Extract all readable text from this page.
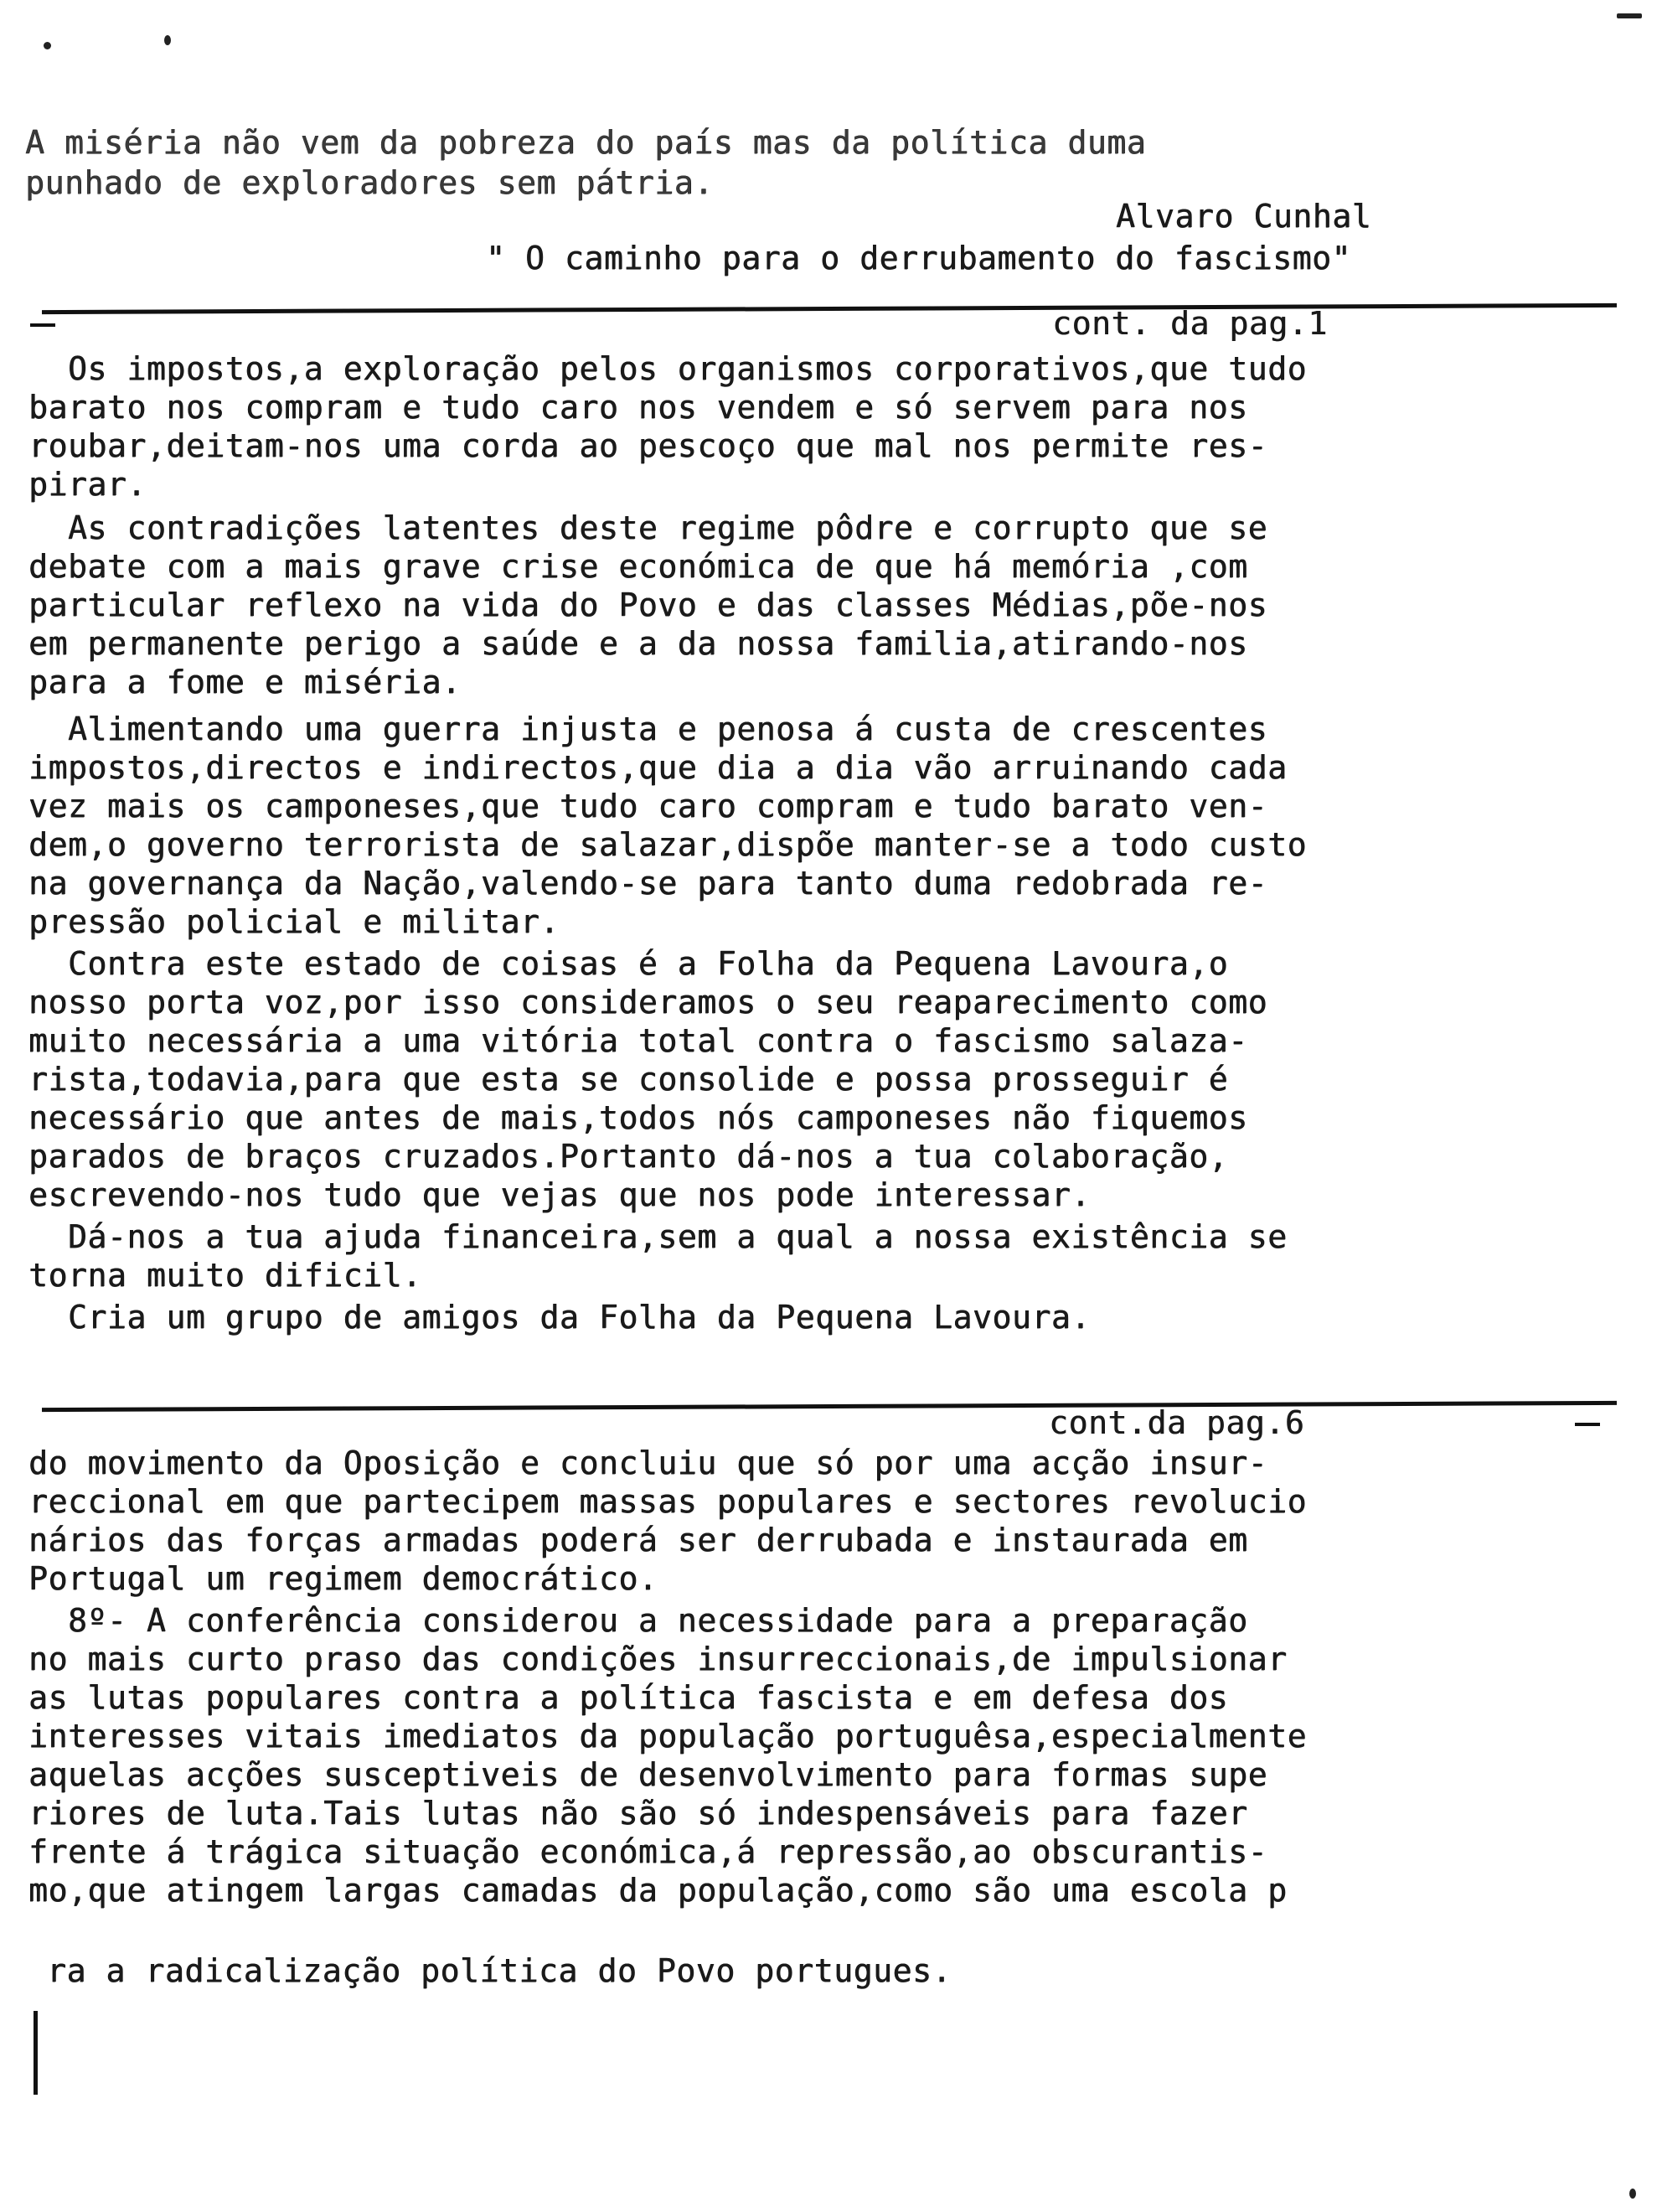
A miséria não vem da pobreza do país mas da política duma
punhado de exploradores sem pátria.
Alvaro Cunhal
" O caminho para o derrubamento do fascismo"
cont. da pag.1
Os impostos,a exploração pelos organismos corporativos,que tudo
barato nos compram e tudo caro nos vendem e só servem para nos
roubar,deitam-nos uma corda ao pescoço que mal nos permite res-
pirar.
As contradições latentes deste regime pôdre e corrupto que se
debate com a mais grave crise económica de que há memória ,com
particular reflexo na vida do Povo e das classes Médias,põe-nos
em permanente perigo a saúde e a da nossa familia,atirando-nos
para a fome e miséria.
Alimentando uma guerra injusta e penosa á custa de crescentes
impostos,directos e indirectos,que dia a dia vão arruinando cada
vez mais os camponeses,que tudo caro compram e tudo barato ven-
dem,o governo terrorista de salazar,dispõe manter-se a todo custo
na governança da Nação,valendo-se para tanto duma redobrada re-
pressão policial e militar.
Contra este estado de coisas é a Folha da Pequena Lavoura,o
nosso porta voz,por isso consideramos o seu reaparecimento como
muito necessária a uma vitória total contra o fascismo salaza-
rista,todavia,para que esta se consolide e possa prosseguir é
necessário que antes de mais,todos nós camponeses não fiquemos
parados de braços cruzados.Portanto dá-nos a tua colaboração,
escrevendo-nos tudo que vejas que nos pode interessar.
Dá-nos a tua ajuda financeira,sem a qual a nossa existência se
torna muito dificil.
Cria um grupo de amigos da Folha da Pequena Lavoura.
cont.da pag.6
do movimento da Oposição e concluiu que só por uma acção insur-
reccional em que partecipem massas populares e sectores revolucio
nários das forças armadas poderá ser derrubada e instaurada em
Portugal um regimem democrático.
8º- A conferência considerou a necessidade para a preparação
no mais curto praso das condições insurreccionais,de impulsionar
as lutas populares contra a política fascista e em defesa dos
interesses vitais imediatos da população portuguêsa,especialmente
aquelas acções susceptiveis de desenvolvimento para formas supe
riores de luta.Tais lutas não são só indespensáveis para fazer
frente á trágica situação económica,á repressão,ao obscurantis-
mo,que atingem largas camadas da população,como são uma escola p
ra a radicalização política do Povo portugues.
